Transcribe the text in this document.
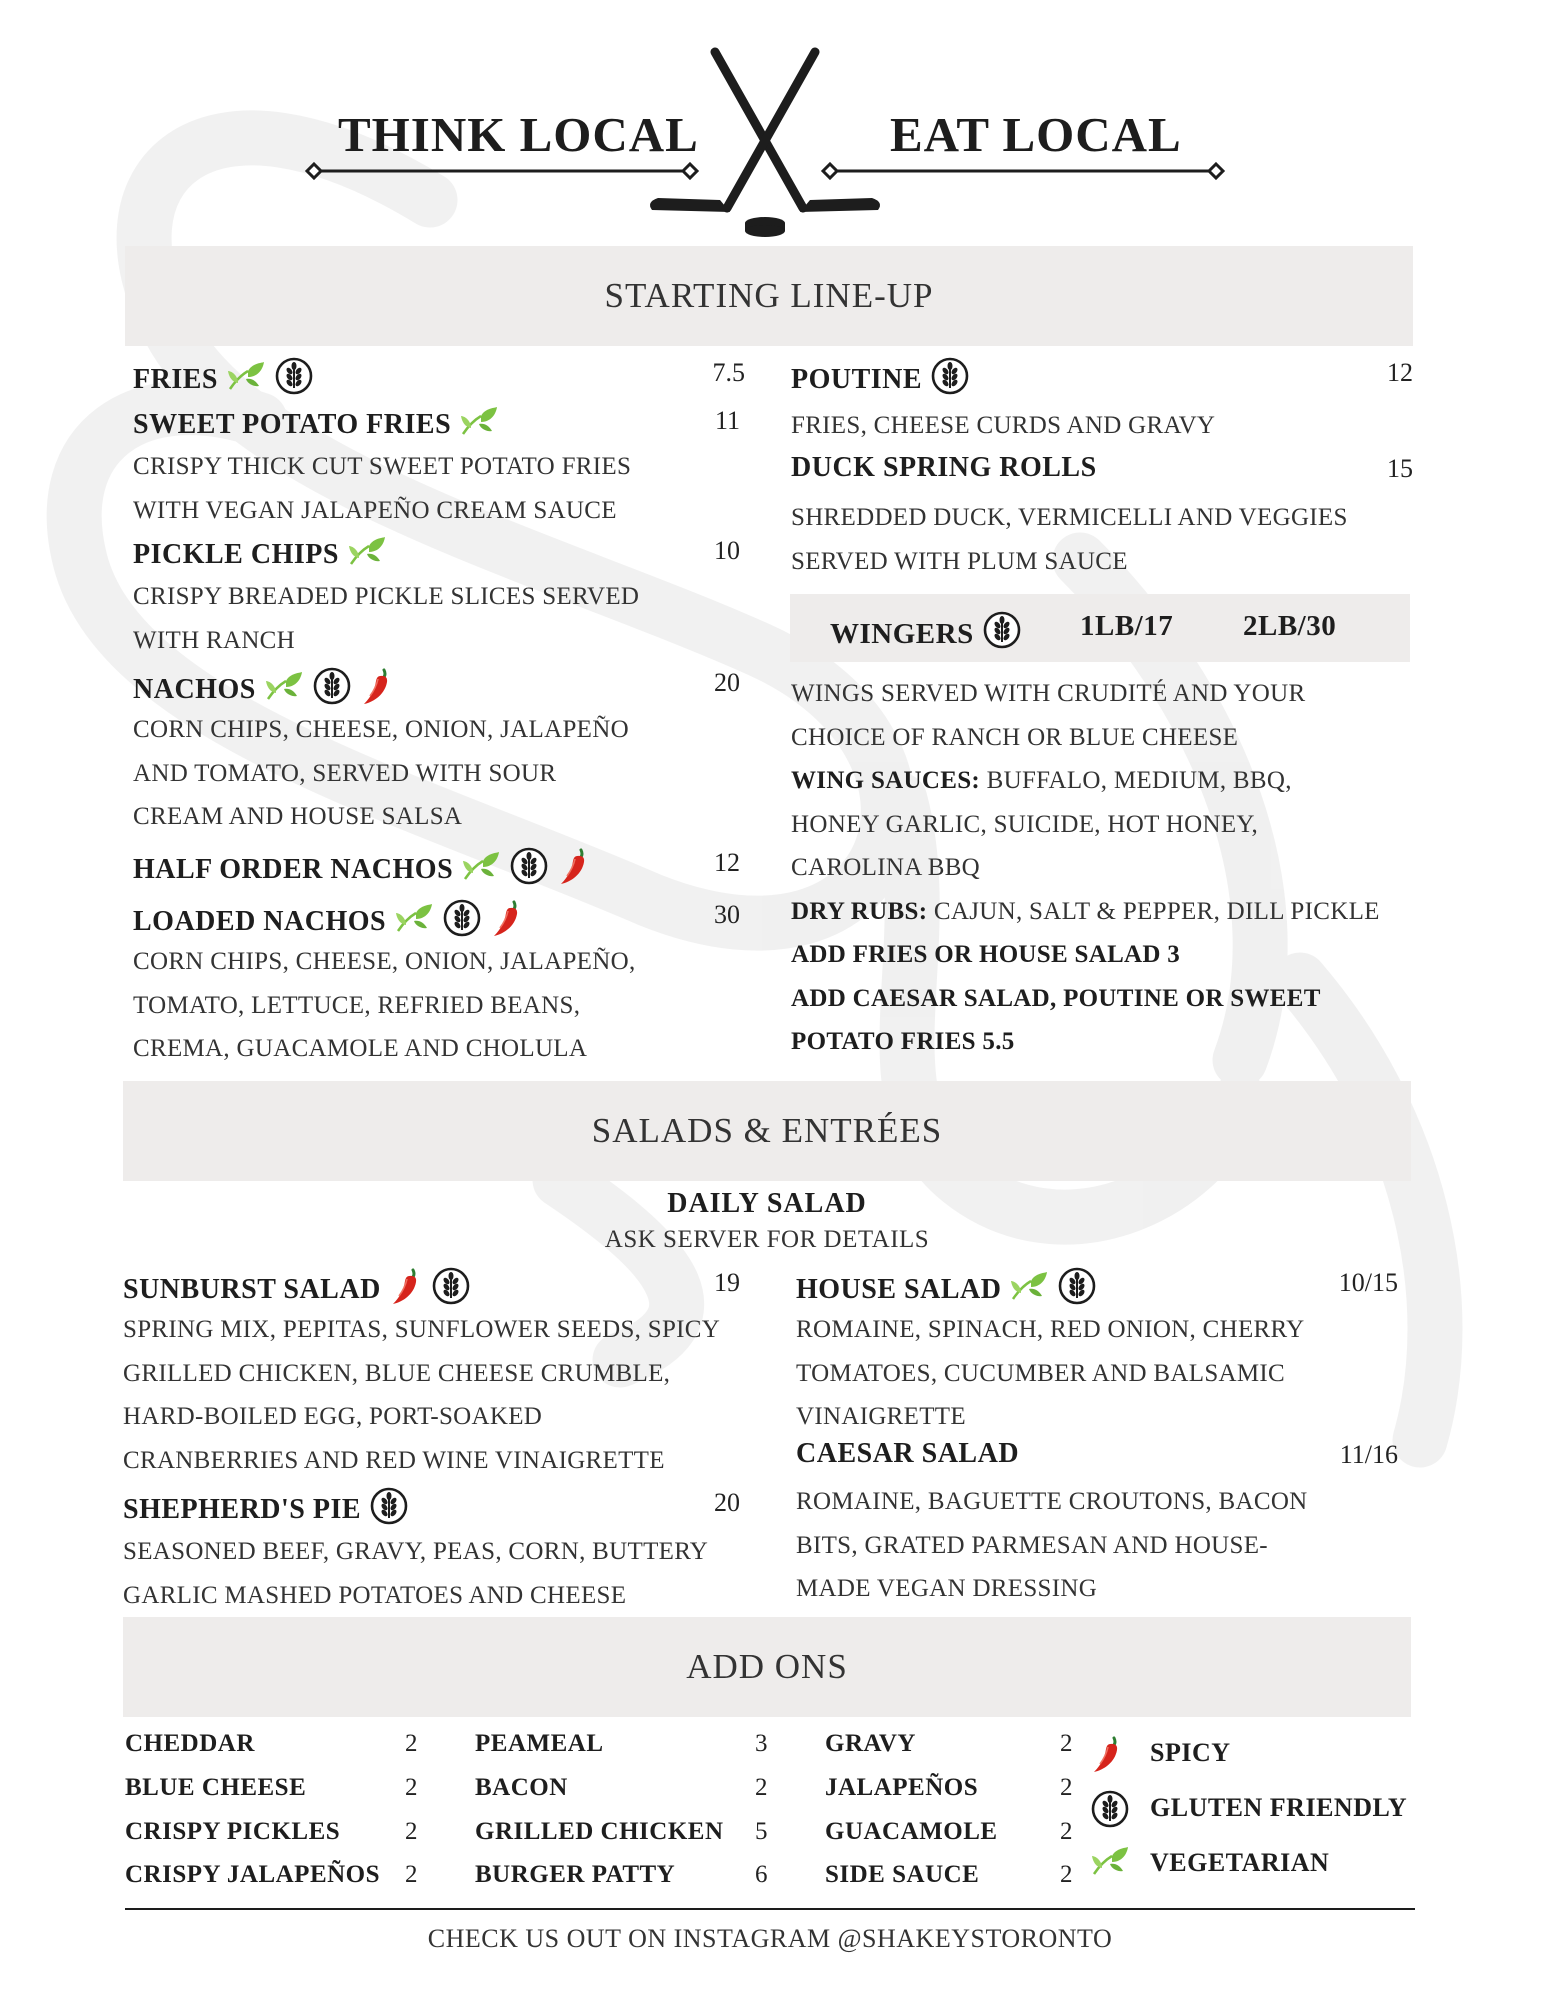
THINK LOCAL	EAT LOCAL
STARTING LINE-UP
FRIES	7.5
SWEET POTATO FRIES	11
CRISPY THICK CUT SWEET POTATO FRIES
WITH VEGAN JALAPEÑO CREAM SAUCE
PICKLE CHIPS	10
CRISPY BREADED PICKLE SLICES SERVED
WITH RANCH
NACHOS	20
CORN CHIPS, CHEESE, ONION, JALAPEÑO
AND TOMATO, SERVED WITH SOUR
CREAM AND HOUSE SALSA
HALF ORDER NACHOS	12
LOADED NACHOS	30
CORN CHIPS, CHEESE, ONION, JALAPEÑO,
TOMATO, LETTUCE, REFRIED BEANS,
CREMA, GUACAMOLE AND CHOLULA
POUTINE	12
FRIES, CHEESE CURDS AND GRAVY
DUCK SPRING ROLLS	15
SHREDDED DUCK, VERMICELLI AND VEGGIES
SERVED WITH PLUM SAUCE
WINGERS	1LB/17 2LB/30
WINGS SERVED WITH CRUDITÉ AND YOUR
CHOICE OF RANCH OR BLUE CHEESE
WING SAUCES: BUFFALO, MEDIUM, BBQ,
HONEY GARLIC, SUICIDE, HOT HONEY,
CAROLINA BBQ
DRY RUBS: CAJUN, SALT & PEPPER, DILL PICKLE
ADD FRIES OR HOUSE SALAD 3
ADD CAESAR SALAD, POUTINE OR SWEET
POTATO FRIES 5.5
SALADS & ENTRÉES
DAILY SALAD
ASK SERVER FOR DETAILS
SUNBURST SALAD	19
SPRING MIX, PEPITAS, SUNFLOWER SEEDS, SPICY
GRILLED CHICKEN, BLUE CHEESE CRUMBLE,
HARD-BOILED EGG, PORT-SOAKED
CRANBERRIES AND RED WINE VINAIGRETTE
SHEPHERD'S PIE	20
SEASONED BEEF, GRAVY, PEAS, CORN, BUTTERY
GARLIC MASHED POTATOES AND CHEESE
HOUSE SALAD	10/15
ROMAINE, SPINACH, RED ONION, CHERRY
TOMATOES, CUCUMBER AND BALSAMIC
VINAIGRETTE
CAESAR SALAD	11/16
ROMAINE, BAGUETTE CROUTONS, BACON
BITS, GRATED PARMESAN AND HOUSE-
MADE VEGAN DRESSING
ADD ONS
CHEDDAR	2
BLUE CHEESE	2
CRISPY PICKLES	2
CRISPY JALAPEÑOS 2
PEAMEAL	3
BACON	2
GRILLED CHICKEN 5
BURGER PATTY	6
GRAVY	2
JALAPEÑOS	2
GUACAMOLE 2
SIDE SAUCE	2
SPICY
GLUTEN FRIENDLY
VEGETARIAN
CHECK US OUT ON INSTAGRAM @SHAKEYSTORONTO
